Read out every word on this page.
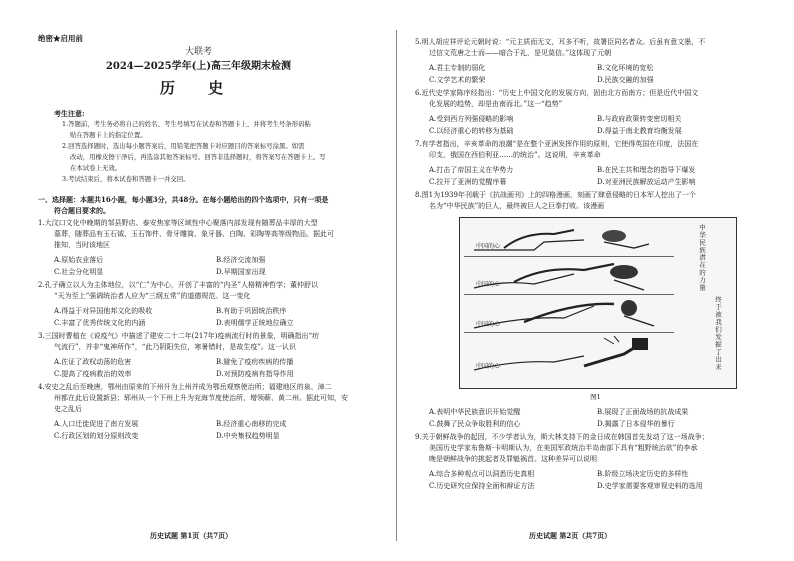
绝密★启用前
大联考
2024—2025学年(上)高三年级期末检测
历 史
考生注意:
1.答题前，考生务必将自己的姓名、考生号填写在试卷和答题卡上，并将考生号条形码粘
贴在答题卡上的指定位置。
2.回答选择题时，选出每小题答案后，用铅笔把答题卡对应题目的答案标号涂黑。如需
改动，用橡皮擦干净后，再选涂其他答案标号。回答非选择题时，将答案写在答题卡上。写
在本试卷上无效。
3.考试结束后，将本试卷和答题卡一并交回。
一、选择题：本题共16小题，每小题3分，共48分。在每小题给出的四个选项中，只有一项是
符合题目要求的。
1.大汶口文化中晚期的邹县野店、泰安焦家等区域性中心聚落内部发现有随葬品丰厚的大型
墓葬，随葬品有玉石钺、玉石饰件、骨牙雕筒、象牙器、白陶、彩陶等高等级物品。据此可
推知，当时该地区
A.原始农业落后	B.经济交流加强
C.社会分化明显	D.早期国家出现
2.孔子确立以人为主体地位，以“仁”为中心，开创了丰富的“内圣”人格精神哲学；董仲舒以
“天为至上”强调统治者人应为“三纲五常”的道德规范。这一变化
A.得益于对异国他邦文化的吸收	B.有助于巩固统治秩序
C.丰富了优秀传统文化的内涵	D.表明儒学正统地位确立
3.三国时曹植在《说疫气》中描述了建安二十二年(217年)疫病流行时的景象，明确指出“疠
气流行”，并非“鬼神所作”，“此乃阴阳失位，寒暑错时，是故生疫”。这一认识
A.佐证了政权动荡的危害	B.避免了疫疠疾病的传播
C.提高了疫病救治的效率	D.对预防疫病有指导作用
4.安史之乱后至晚唐，鄂州由原来的下州升为上州并成为鄂岳观察使治所；福建地区的泉、漳二
州都在此后设置新县；郓州从一个下州上升为兖海节度使治所，增领蕲、黄二州。据此可知，安
史之乱后
A.人口迁徙促进了南方发展	B.经济重心南移的完成
C.行政区划的划分原则改变	D.中央集权趋势明显
历史试题 第1页（共7页）
5.明人胡应祥评论元朝时说：“元主质而无文，耳多不听，故署臣同名者众。后虽有意文墨，不
过信文荒唐之士而——暗合于礼，是见莫信。”这体现了元朝
A.君主专制的弱化	B.文化环境的宽松
C.文学艺术的繁荣	D.民族交融的加强
6.近代史学家陈序经指出：“历史上中国文化的发展方向，固由北方而南方；但是近代中国文
化发展的趋势，却是由南而北。”这一“趋势”
A.受到西方列强侵略的影响	B.与政府政策转变密切相关
C.以经济重心的转移为基础	D.得益于南北教育均衡发展
7.有学者指出，辛亥革命的浪潮“是在整个亚洲发挥作用的原则，它使得英国在印度，法国在
印支，俄国在西伯利亚……的统治”。这说明，辛亥革命
A.打击了帝国主义在华势力	B.在民主共和理念的指导下爆发
C.拉开了亚洲的觉醒序幕	D.对亚洲民族解放运动产生影响
8.图1为1939年刊载于《抗战画刊》上的四格漫画，刻画了肆意侵略的日本军人挖出了一个
名为“中华民族”的巨人，最终被巨人之巨拳打败。该漫画
中国的心
中国的心
中国的心
中国的心
中华民族潜在的力量
终于被我们发掘了出来
图1
A.表明中华民族意识开始觉醒	B.展现了正面战场的抗战成果
C.鼓舞了民众争取胜利的信心	D.揭露了日本侵华的暴行
9.关于朝鲜战争的起因，不少学者认为，斯大林支持下的金日成在韩国首先发动了这一场战争；
美国历史学家布鲁斯·卡明斯认为，在美国军政统治半岛南部下具有“粗野统治欲”的李承
晚是朝鲜战争的挑起者及罪魁祸首。这种差异可以说明
A.综合多种观点可以洞悉历史真相	B.阶级立场决定历史的多样性
C.历史研究应保持全面和辩证方法	D.史学家需要客观审视史料的选用
历史试题 第2页（共7页）
